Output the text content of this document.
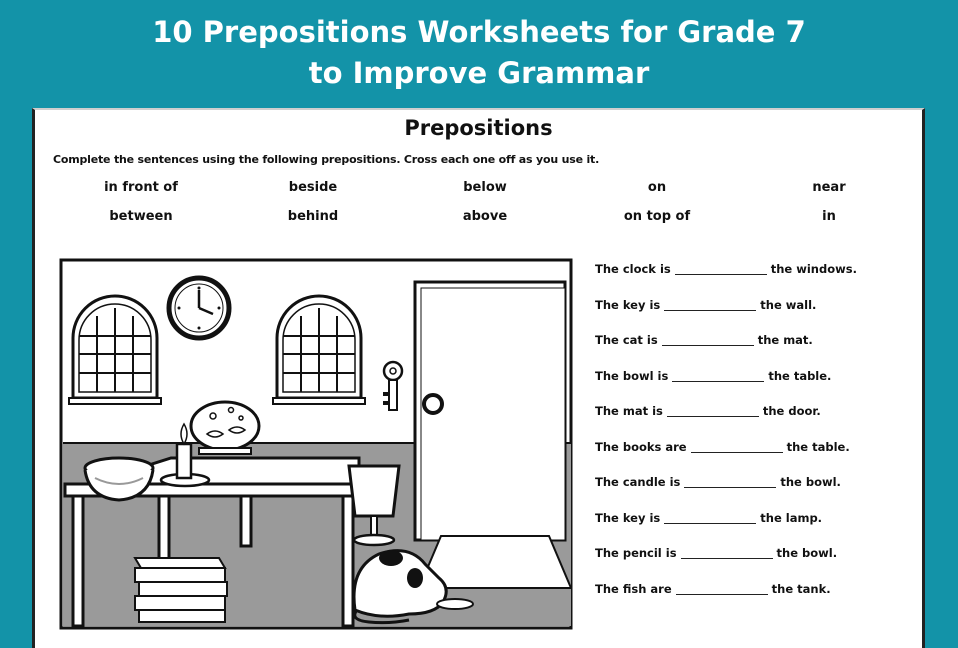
10 Prepositions Worksheets for Grade 7
to Improve Grammar
Prepositions
Complete the sentences using the following prepositions. Cross each one off as you use it.
in front of	beside	below	on	near
between	behind	above	on top of	in
The clock is	the windows.
The key is	the wall.
The cat is	the mat.
The bowl is	the table.
The mat is	the door.
The books are	the table.
The candle is	the bowl.
The key is	the lamp.
The pencil is	the bowl.
The fish are	the tank.
